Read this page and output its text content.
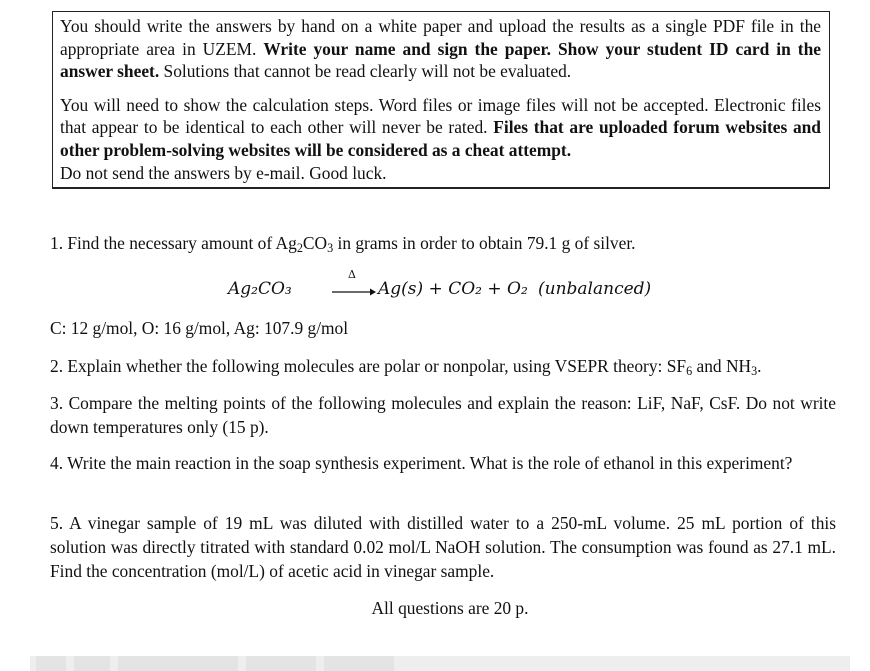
You should write the answers by hand on a white paper and upload the results as a single PDF file in the appropriate area in UZEM. Write your name and sign the paper. Show your student ID card in the answer sheet. Solutions that cannot be read clearly will not be evaluated.

You will need to show the calculation steps. Word files or image files will not be accepted. Electronic files that appear to be identical to each other will never be rated. Files that are uploaded forum websites and other problem-solving websites will be considered as a cheat attempt.
Do not send the answers by e-mail. Good luck.

1. Find the necessary amount of $Ag_2CO_3$ in grams in order to obtain 79.1 g of silver.

Ag₂CO₃
Δ
→ Ag(s) + CO₂ + O₂ (unbalanced)

C: 12 g/mol, O: 16 g/mol, Ag: 107.9 g/mol

2. Explain whether the following molecules are polar or nonpolar, using VSEPR theory: $SF_6$ and $NH_3$.

3. Compare the melting points of the following molecules and explain the reason: LiF, NaF, CsF. Do not write down temperatures only (15 p).

4. Write the main reaction in the soap synthesis experiment. What is the role of ethanol in this experiment?

5. A vinegar sample of 19 mL was diluted with distilled water to a 250-mL volume. 25 mL portion of this solution was directly titrated with standard 0.02 mol/L NaOH solution. The consumption was found as 27.1 mL. Find the concentration (mol/L) of acetic acid in vinegar sample.

All questions are 20 p.
